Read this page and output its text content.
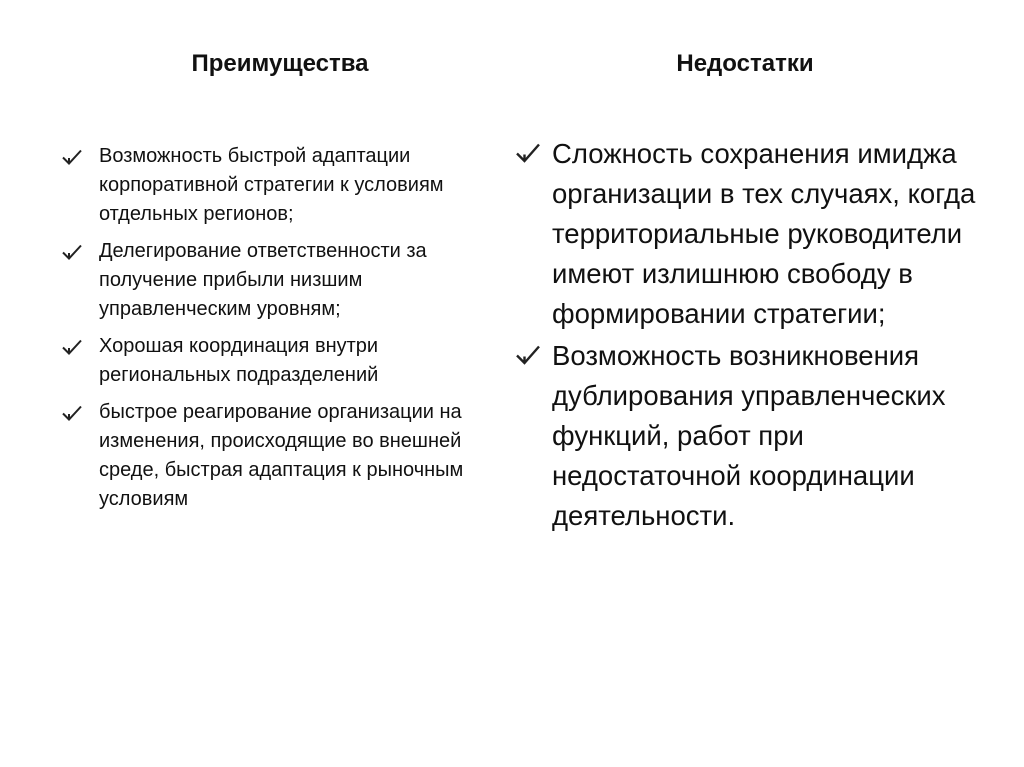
Преимущества	Недостатки
Возможность быстрой адаптации корпоративной стратегии к условиям отдельных регионов;
Делегирование ответственности за получение прибыли низшим управленческим уровням;
Хорошая координация внутри региональных подразделений
быстрое реагирование организации на изменения, происходящие во внешней среде, быстрая адаптация к рыночным условиям
Сложность сохранения имиджа организации в тех случаях, когда территориальные руководители имеют излишнюю свободу в формировании стратегии;
Возможность возникновения дублирования управленческих функций, работ при недостаточной координации деятельности.
